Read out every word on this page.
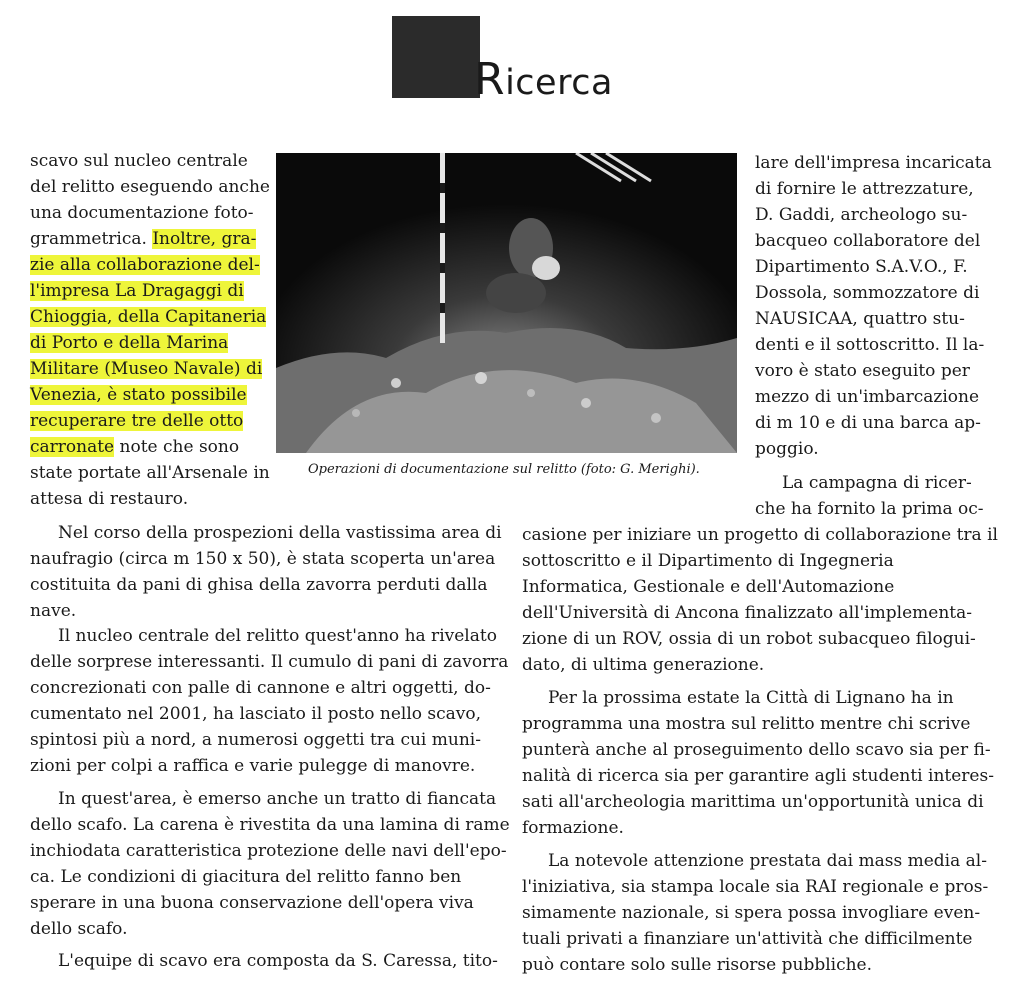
Ricerca
Operazioni di documentazione sul relitto (foto: G. Merighi).
scavo sul nucleo centrale
del relitto eseguendo anche
una documentazione foto-
grammetrica. Inoltre, gra-
zie alla collaborazione del-
l'impresa La Dragaggi di
Chioggia, della Capitaneria
di Porto e della Marina
Militare (Museo Navale) di
Venezia, è stato possibile
recuperare tre delle otto
carronate note che sono
state portate all'Arsenale in
attesa di restauro.
Nel corso della prospezioni della vastissima area di
naufragio (circa m 150 x 50), è stata scoperta un'area
costituita da pani di ghisa della zavorra perduti dalla
nave.
Il nucleo centrale del relitto quest'anno ha rivelato
delle sorprese interessanti. Il cumulo di pani di zavorra
concrezionati con palle di cannone e altri oggetti, do-
cumentato nel 2001, ha lasciato il posto nello scavo,
spintosi più a nord, a numerosi oggetti tra cui muni-
zioni per colpi a raffica e varie pulegge di manovre.
In quest'area, è emerso anche un tratto di fiancata
dello scafo. La carena è rivestita da una lamina di rame
inchiodata caratteristica protezione delle navi dell'epo-
ca. Le condizioni di giacitura del relitto fanno ben
sperare in una buona conservazione dell'opera viva
dello scafo.
L'equipe di scavo era composta da S. Caressa, tito-
lare dell'impresa incaricata
di fornire le attrezzature,
D. Gaddi, archeologo su-
bacqueo collaboratore del
Dipartimento S.A.V.O., F.
Dossola, sommozzatore di
NAUSICAA, quattro stu-
denti e il sottoscritto. Il la-
voro è stato eseguito per
mezzo di un'imbarcazione
di m 10 e di una barca ap-
poggio.
La campagna di ricer-
che ha fornito la prima oc-
casione per iniziare un progetto di collaborazione tra il
sottoscritto e il Dipartimento di Ingegneria
Informatica, Gestionale e dell'Automazione
dell'Università di Ancona finalizzato all'implementa-
zione di un ROV, ossia di un robot subacqueo filogui-
dato, di ultima generazione.
Per la prossima estate la Città di Lignano ha in
programma una mostra sul relitto mentre chi scrive
punterà anche al proseguimento dello scavo sia per fi-
nalità di ricerca sia per garantire agli studenti interes-
sati all'archeologia marittima un'opportunità unica di
formazione.
La notevole attenzione prestata dai mass media al-
l'iniziativa, sia stampa locale sia RAI regionale e pros-
simamente nazionale, si spera possa invogliare even-
tuali privati a finanziare un'attività che difficilmente
può contare solo sulle risorse pubbliche.
